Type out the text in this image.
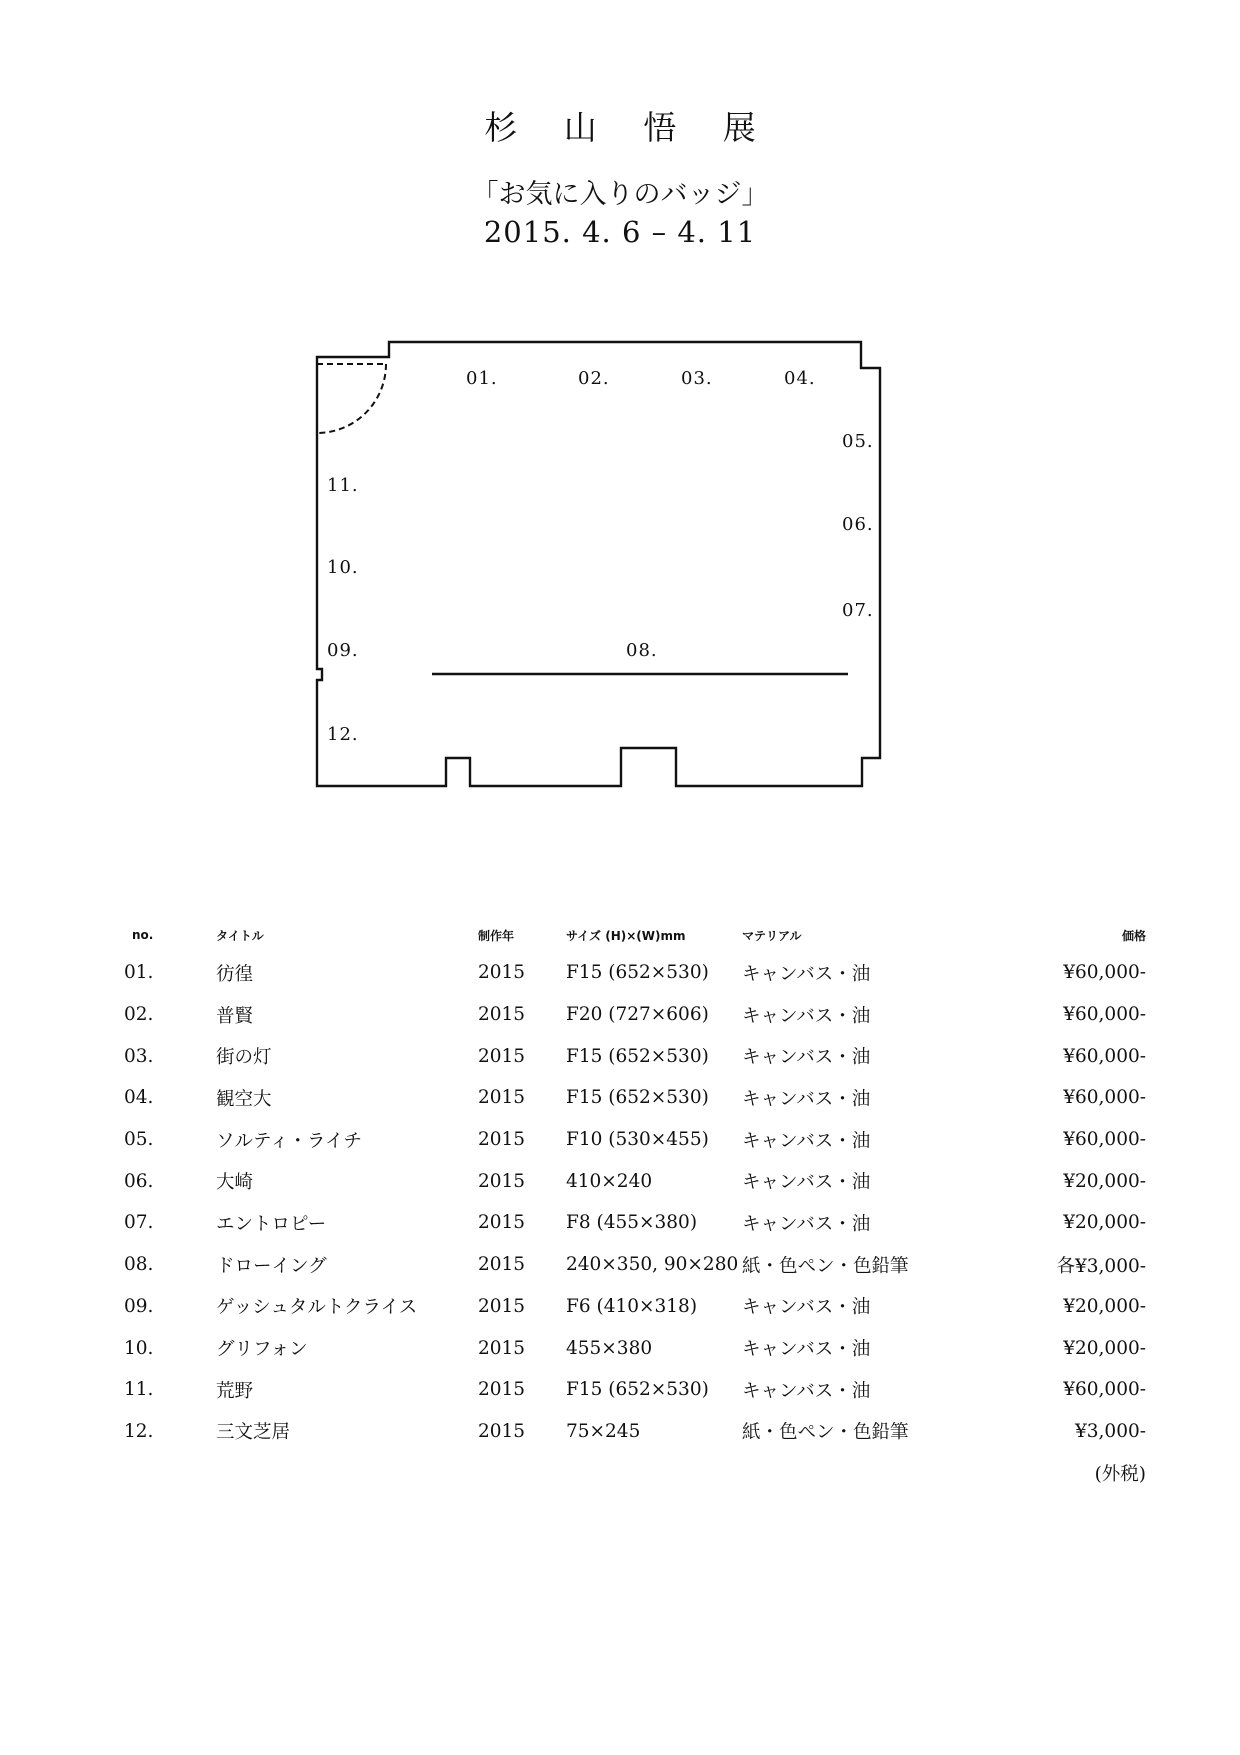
杉 山 悟 展

「お気に入りのバッジ」

2015. 4. 6 – 4. 11

01.	02.	03.	04.
05.
06.
07.
08.
09.
10.
11.
12.
no.	タイトル	制作年	サイズ (H)×(W)mm	マテリアル	価格
01.	彷徨	2015	F15 (652×530)	キャンバス・油	¥60,000-
02.	普賢	2015	F20 (727×606)	キャンバス・油	¥60,000-
03.	街の灯	2015	F15 (652×530)	キャンバス・油	¥60,000-
04.	観空大	2015	F15 (652×530)	キャンバス・油	¥60,000-
05.	ソルティ・ライチ	2015	F10 (530×455)	キャンバス・油	¥60,000-
06.	大崎	2015	410×240	キャンバス・油	¥20,000-
07.	エントロピー	2015	F8 (455×380)	キャンバス・油	¥20,000-
08.	ドローイング	2015	240×350, 90×280	紙・色ペン・色鉛筆	各¥3,000-
09.	ゲッシュタルトクライス	2015	F6 (410×318)	キャンバス・油	¥20,000-
10.	グリフォン	2015	455×380	キャンバス・油	¥20,000-
11.	荒野	2015	F15 (652×530)	キャンバス・油	¥60,000-
12.	三文芝居	2015	75×245	紙・色ペン・色鉛筆	¥3,000-
(外税)
